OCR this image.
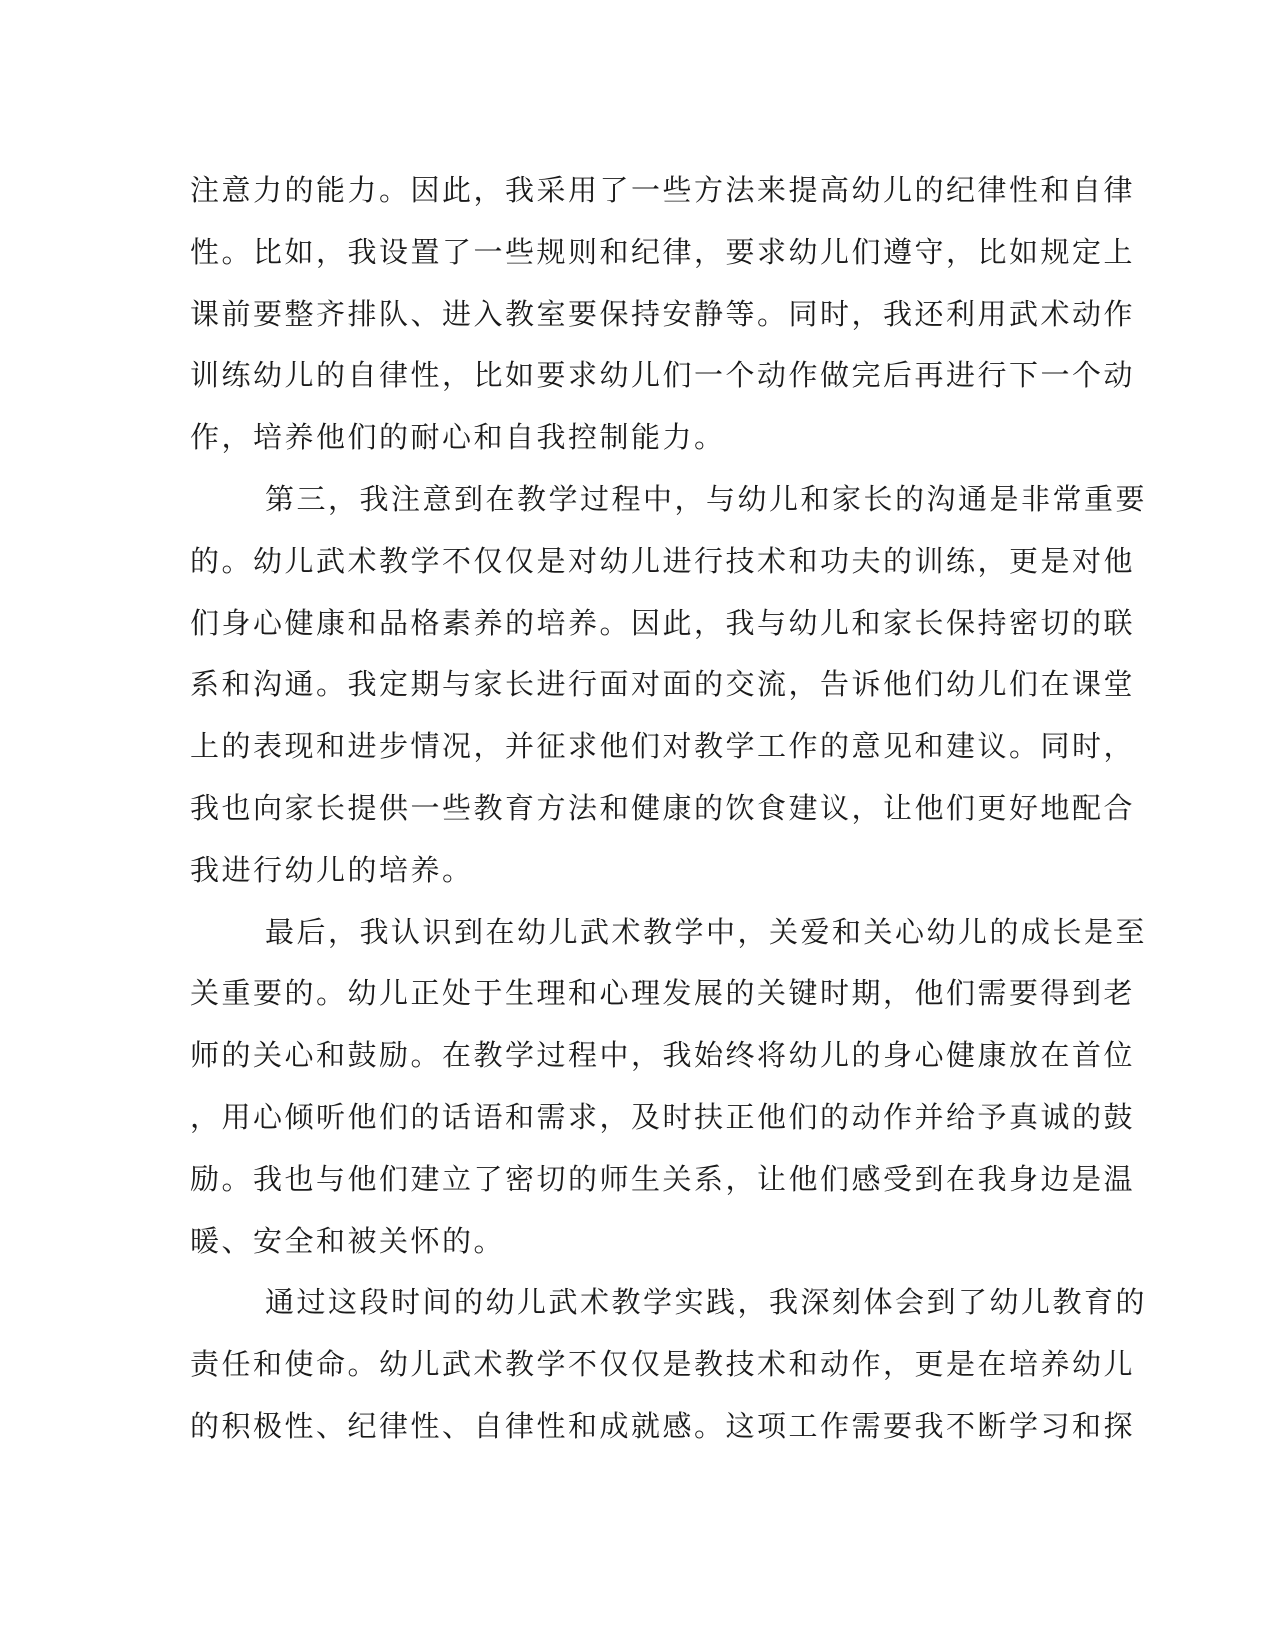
注意力的能力。因此，我采用了一些方法来提高幼儿的纪律性和自律
性。比如，我设置了一些规则和纪律，要求幼儿们遵守，比如规定上
课前要整齐排队、进入教室要保持安静等。同时，我还利用武术动作
训练幼儿的自律性，比如要求幼儿们一个动作做完后再进行下一个动
作，培养他们的耐心和自我控制能力。
第三，我注意到在教学过程中，与幼儿和家长的沟通是非常重要
的。幼儿武术教学不仅仅是对幼儿进行技术和功夫的训练，更是对他
们身心健康和品格素养的培养。因此，我与幼儿和家长保持密切的联
系和沟通。我定期与家长进行面对面的交流，告诉他们幼儿们在课堂
上的表现和进步情况，并征求他们对教学工作的意见和建议。同时，
我也向家长提供一些教育方法和健康的饮食建议，让他们更好地配合
我进行幼儿的培养。
最后，我认识到在幼儿武术教学中，关爱和关心幼儿的成长是至
关重要的。幼儿正处于生理和心理发展的关键时期，他们需要得到老
师的关心和鼓励。在教学过程中，我始终将幼儿的身心健康放在首位
，用心倾听他们的话语和需求，及时扶正他们的动作并给予真诚的鼓
励。我也与他们建立了密切的师生关系，让他们感受到在我身边是温
暖、安全和被关怀的。
通过这段时间的幼儿武术教学实践，我深刻体会到了幼儿教育的
责任和使命。幼儿武术教学不仅仅是教技术和动作，更是在培养幼儿
的积极性、纪律性、自律性和成就感。这项工作需要我不断学习和探
